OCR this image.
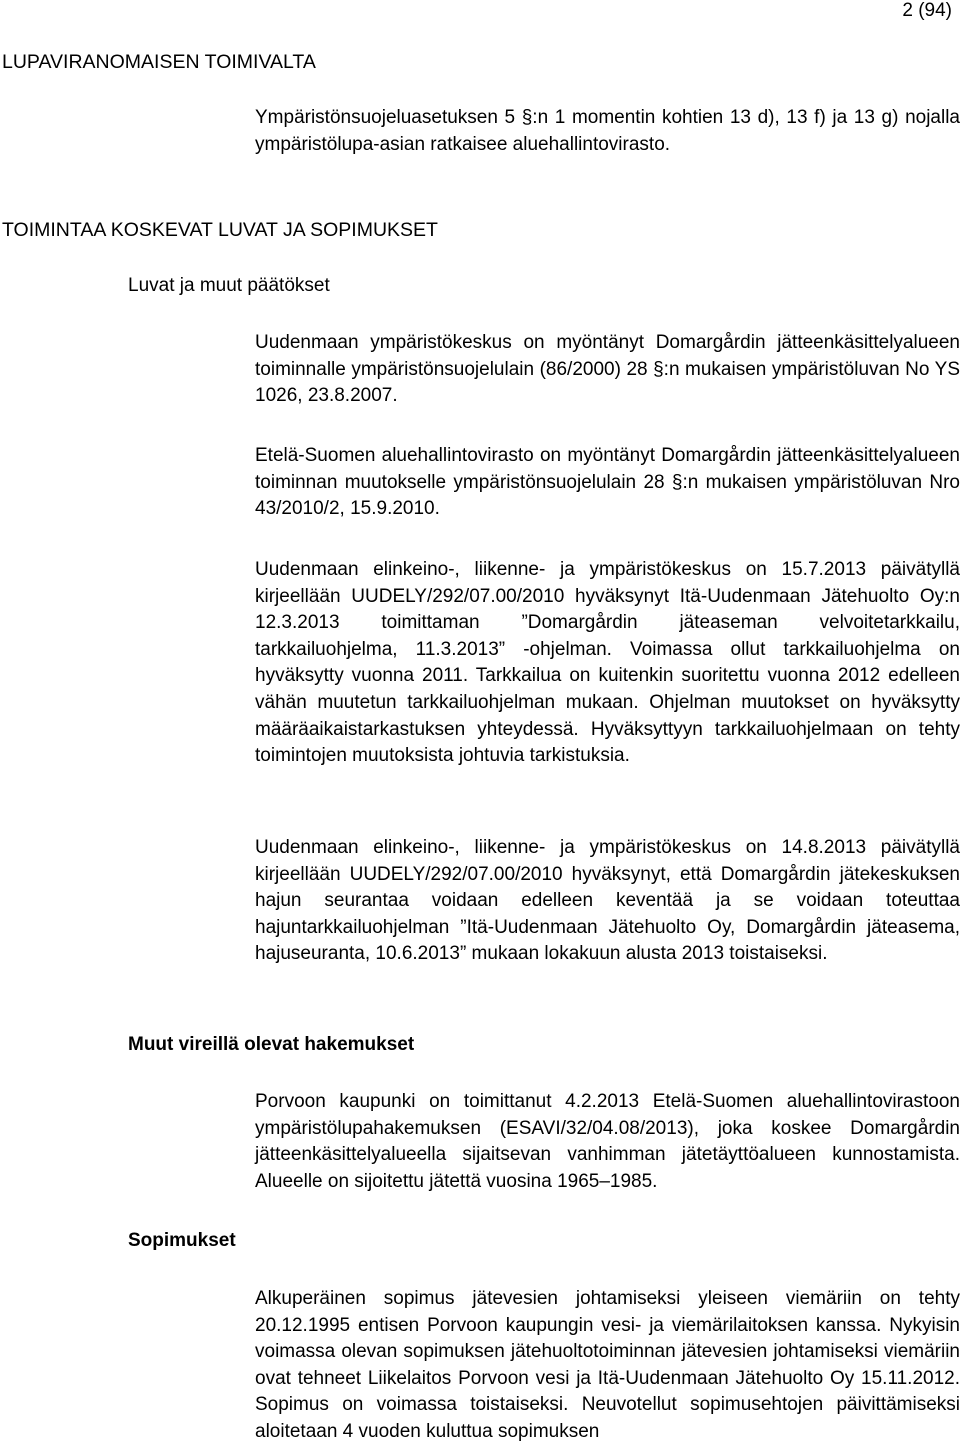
2 (94)
LUPAVIRANOMAISEN TOIMIVALTA

Ympäristönsuojeluasetuksen 5 §:n 1 momentin kohtien 13 d), 13 f) ja 13 g) nojalla ympäristölupa-asian ratkaisee aluehallintovirasto.

TOIMINTAA KOSKEVAT LUVAT JA SOPIMUKSET
Luvat ja muut päätökset

Uudenmaan ympäristökeskus on myöntänyt Domargårdin jätteenkäsittelyalueen toiminnalle ympäristönsuojelulain (86/2000) 28 §:n mukaisen ympäristöluvan No YS 1026, 23.8.2007.

Etelä-Suomen aluehallintovirasto on myöntänyt Domargårdin jätteenkäsittelyalueen toiminnan muutokselle ympäristönsuojelulain 28 §:n mukaisen ympäristöluvan Nro 43/2010/2, 15.9.2010.

Uudenmaan elinkeino-, liikenne- ja ympäristökeskus on 15.7.2013 päivätyllä kirjeellään UUDELY/292/07.00/2010 hyväksynyt Itä-Uudenmaan Jätehuolto Oy:n 12.3.2013 toimittaman ”Domargårdin jäteaseman velvoitetarkkailu, tarkkailuohjelma, 11.3.2013” -ohjelman. Voimassa ollut tarkkailuohjelma on hyväksytty vuonna 2011. Tarkkailua on kuitenkin suoritettu vuonna 2012 edelleen vähän muutetun tarkkailuohjelman mukaan. Ohjelman muutokset on hyväksytty määräaikaistarkastuksen yhteydessä. Hyväksyttyyn tarkkailuohjelmaan on tehty toimintojen muutoksista johtuvia tarkistuksia.

Uudenmaan elinkeino-, liikenne- ja ympäristökeskus on 14.8.2013 päivätyllä kirjeellään UUDELY/292/07.00/2010 hyväksynyt, että Domargårdin jätekeskuksen hajun seurantaa voidaan edelleen keventää ja se voidaan toteuttaa hajuntarkkailuohjelman ”Itä-Uudenmaan Jätehuolto Oy, Domargårdin jäteasema, hajuseuranta, 10.6.2013” mukaan lokakuun alusta 2013 toistaiseksi.

Muut vireillä olevat hakemukset

Porvoon kaupunki on toimittanut 4.2.2013 Etelä-Suomen aluehallintovirastoon ympäristölupahakemuksen (ESAVI/32/04.08/2013), joka koskee Domargårdin jätteenkäsittelyalueella sijaitsevan vanhimman jätetäyttöalueen kunnostamista. Alueelle on sijoitettu jätettä vuosina 1965–1985.

Sopimukset

Alkuperäinen sopimus jätevesien johtamiseksi yleiseen viemäriin on tehty 20.12.1995 entisen Porvoon kaupungin vesi- ja viemärilaitoksen kanssa. Nykyisin voimassa olevan sopimuksen jätehuoltotoiminnan jätevesien johtamiseksi viemäriin ovat tehneet Liikelaitos Porvoon vesi ja Itä-Uudenmaan Jätehuolto Oy 15.11.2012. Sopimus on voimassa toistaiseksi. Neuvotellut sopimusehtojen päivittämiseksi aloitetaan 4 vuoden kuluttua sopimuksen
